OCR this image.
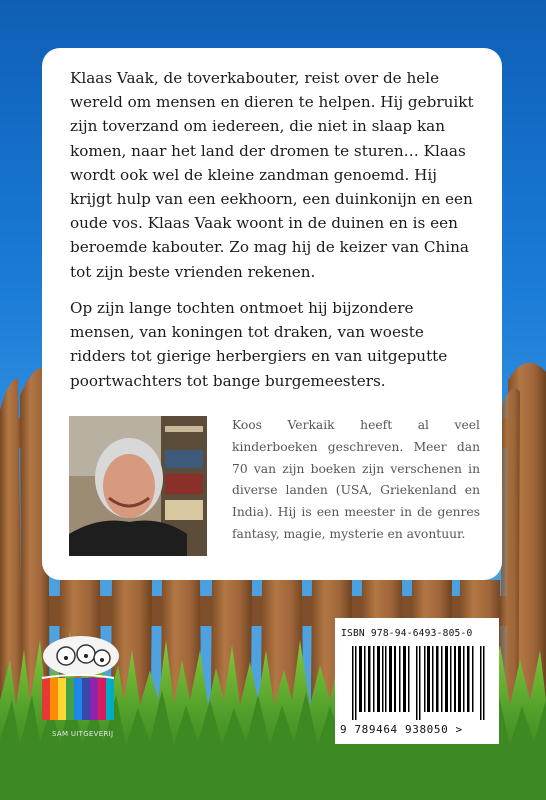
Klaas Vaak, de toverkabouter, reist over de hele wereld om mensen en dieren te helpen. Hij gebruikt zijn toverzand om iedereen, die niet in slaap kan komen, naar het land der dromen te sturen… Klaas wordt ook wel de kleine zandman genoemd. Hij krijgt hulp van een eekhoorn, een duinkonijn en een oude vos. Klaas Vaak woont in de duinen en is een beroemde kabouter. Zo mag hij de keizer van China tot zijn beste vrienden rekenen.

Op zijn lange tochten ontmoet hij bijzondere mensen, van koningen tot draken, van woeste ridders tot gierige herbergiers en van uitgeputte poortwachters tot bange burgemeesters.

Koos Verkaik heeft al veel kinderboeken geschreven. Meer dan 70 van zijn boeken zijn verschenen in diverse landen (USA, Griekenland en India). Hij is een meester in de genres fantasy, magie, mysterie en avontuur.

ISBN 978-94-6493-805-0
9 789464 938050 >
SAM UITGEVERIJ
